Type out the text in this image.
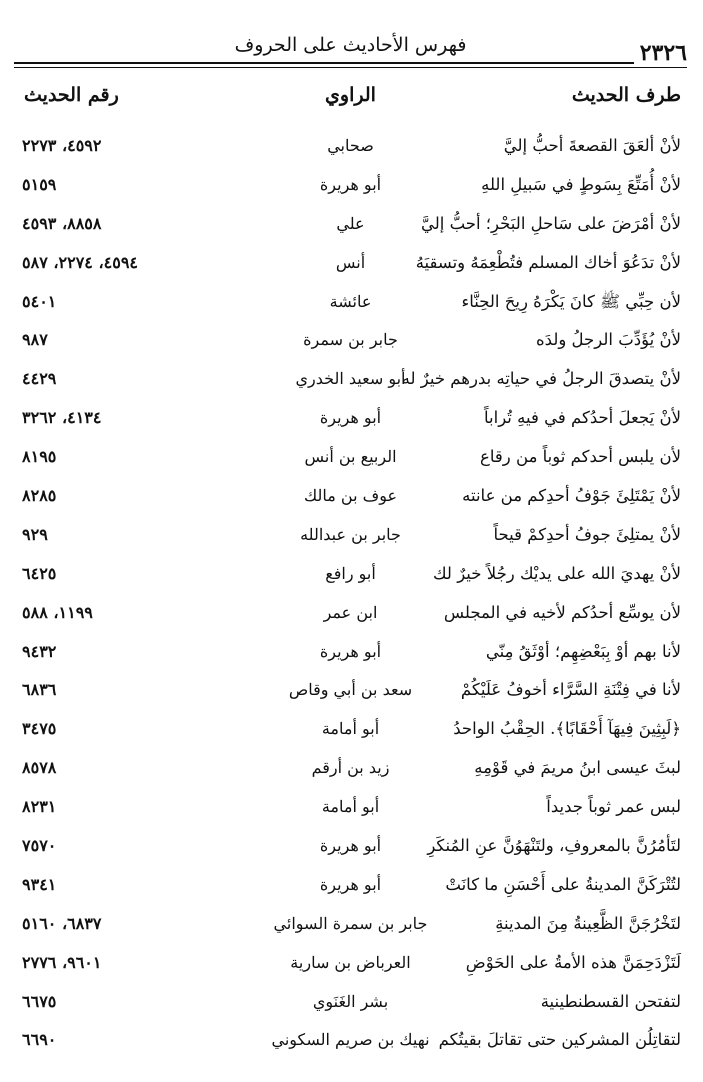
٢٣٢٦
فهرس الأحاديث على الحروف
طرف الحديث
الراوي
رقم الحديث
لأنْ ألعَقَ القصعةَ أحبُّ إليَّ
صحابي
٤٥٩٢، ٢٢٧٣
لأنْ أُمَتِّعَ بِسَوطٍ في سَبيلِ اللهِ
أبو هريرة
٥١٥٩
لأنْ أمْرَضَ على سَاحلِ البَحْرِ؛ أحبُّ إليَّ
علي
٨٨٥٨، ٤٥٩٣
لأنْ تدَعُوَ أخاك المسلم فتُطْعِمَهُ وتسقيَهُ
أنس
٤٥٩٤، ٢٢٧٤، ٥٨٧
لأن حِبِّي ﷺ كانَ يَكْرَهُ رِيحَ الحِنَّاء
عائشة
٥٤٠١
لأنْ يُؤَدِّبَ الرجلُ ولدَه
جابر بن سمرة
٩٨٧
لأنْ يتصدقَ الرجلُ في حياتِه بدرهم خيرٌ له
أبو سعيد الخدري
٤٤٢٩
لأنْ يَجعلَ أحدُكم في فيهِ تُراباً
أبو هريرة
٤١٣٤، ٣٢٦٢
لأن يلبس أحدكم ثوباً من رقاع
الربيع بن أنس
٨١٩٥
لأنْ يَمْتَلِئَ جَوْفُ أحدِكم من عانته
عوف بن مالك
٨٢٨٥
لأنْ يمتلِئَ جوفُ أحدِكمْ قيحاً
جابر بن عبدالله
٩٢٩
لأنْ يهديَ الله على يديْك رجُلاً خيرٌ لك
أبو رافع
٦٤٢٥
لأن يوسِّع أحدُكم لأخيه في المجلس
ابن عمر
١١٩٩، ٥٨٨
لأنا بهم أوْ بِبَعْضِهِم؛ أوْثَقُ مِنّي
أبو هريرة
٩٤٣٢
لأنا في فِتْنَةِ السَّرَّاء أخوفُ عَلَيْكُمْ
سعد بن أبي وقاص
٦٨٣٦
﴿لَبِثِينَ فِيهَآ أَحْقَابًا﴾. الحِقْبُ الواحدُ
أبو أمامة
٣٤٧٥
لبثَ عيسى ابنُ مريمَ في قَوْمِهِ
زيد بن أرقم
٨٥٧٨
لبس عمر ثوباً جديداً
أبو أمامة
٨٢٣١
لتَأمُرُنَّ بالمعروفِ، ولتَنْهَوُنَّ عنِ المُنكَرِ
أبو هريرة
٧٥٧٠
لتُتْرَكَنَّ المدينةُ على أَحْسَنِ ما كانَتْ
أبو هريرة
٩٣٤١
لتَخْرُجَنَّ الظَّعِينةُ مِنَ المدينةِ
جابر بن سمرة السوائي
٦٨٣٧، ٥١٦٠
لَتَزْدَحِمَنَّ هذه الأمةُ على الحَوْضِ
العرباض بن سارية
٩٦٠١، ٢٧٧٦
لتفتحن القسطنطينية
بشر الغَنَوي
٦٦٧٥
لتقاتِلُن المشركين حتى تقاتلَ بقيتُكم
نهيك بن صريم السكوني
٦٦٩٠
